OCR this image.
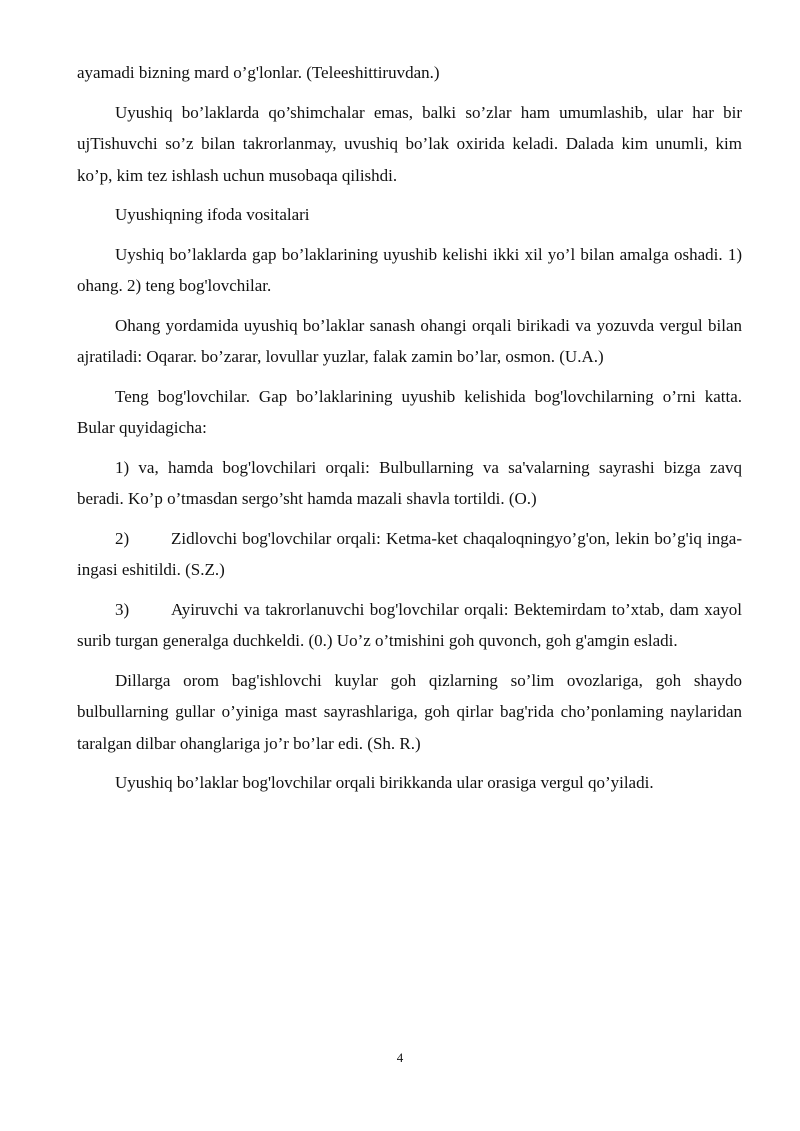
ayamadi bizning mard o’g'lonlar. (Teleeshittiruvdan.)

Uyushiq bo’laklarda qo’shimchalar emas, balki so’zlar ham umumlashib, ular har bir ujTishuvchi so’z bilan takrorlanmay, uvushiq bo’lak oxirida keladi. Dalada kim unumli, kim ko’p, kim tez ishlash uchun musobaqa qilishdi.

Uyushiqning ifoda vositalari

Uyshiq bo’laklarda gap bo’laklarining uyushib kelishi ikki xil yo’l bilan amalga oshadi. 1) ohang. 2) teng bog'lovchilar.

Ohang yordamida uyushiq bo’laklar sanash ohangi orqali birikadi va yozuvda vergul bilan ajratiladi: Oqarar. bo’zarar, lovullar yuzlar, falak zamin bo’lar, osmon. (U.A.)

Teng bog'lovchilar. Gap bo’laklarining uyushib kelishida bog'lovchilarning o’rni katta. Bular quyidagicha:

1) va, hamda bog'lovchilari orqali: Bulbullarning va sa'valarning sayrashi bizga zavq beradi. Ko’p o’tmasdan sergo’sht hamda mazali shavla tortildi. (O.)

2) Zidlovchi bog'lovchilar orqali: Ketma-ket chaqaloqningyo’g'on, lekin bo’g'iq inga-ingasi eshitildi. (S.Z.)

3) Ayiruvchi va takrorlanuvchi bog'lovchilar orqali: Bektemirdam to’xtab, dam xayol surib turgan generalga duchkeldi. (0.) Uo’z o’tmishini goh quvonch, goh g'amgin esladi.

Dillarga orom bag'ishlovchi kuylar goh qizlarning so’lim ovozlariga, goh shaydo bulbullarning gullar o’yiniga mast sayrashlariga, goh qirlar bag'rida cho’ponlaming naylaridan taralgan dilbar ohanglariga jo’r bo’lar edi. (Sh. R.)

Uyushiq bo’laklar bog'lovchilar orqali birikkanda ular orasiga vergul qo’yiladi.

4
